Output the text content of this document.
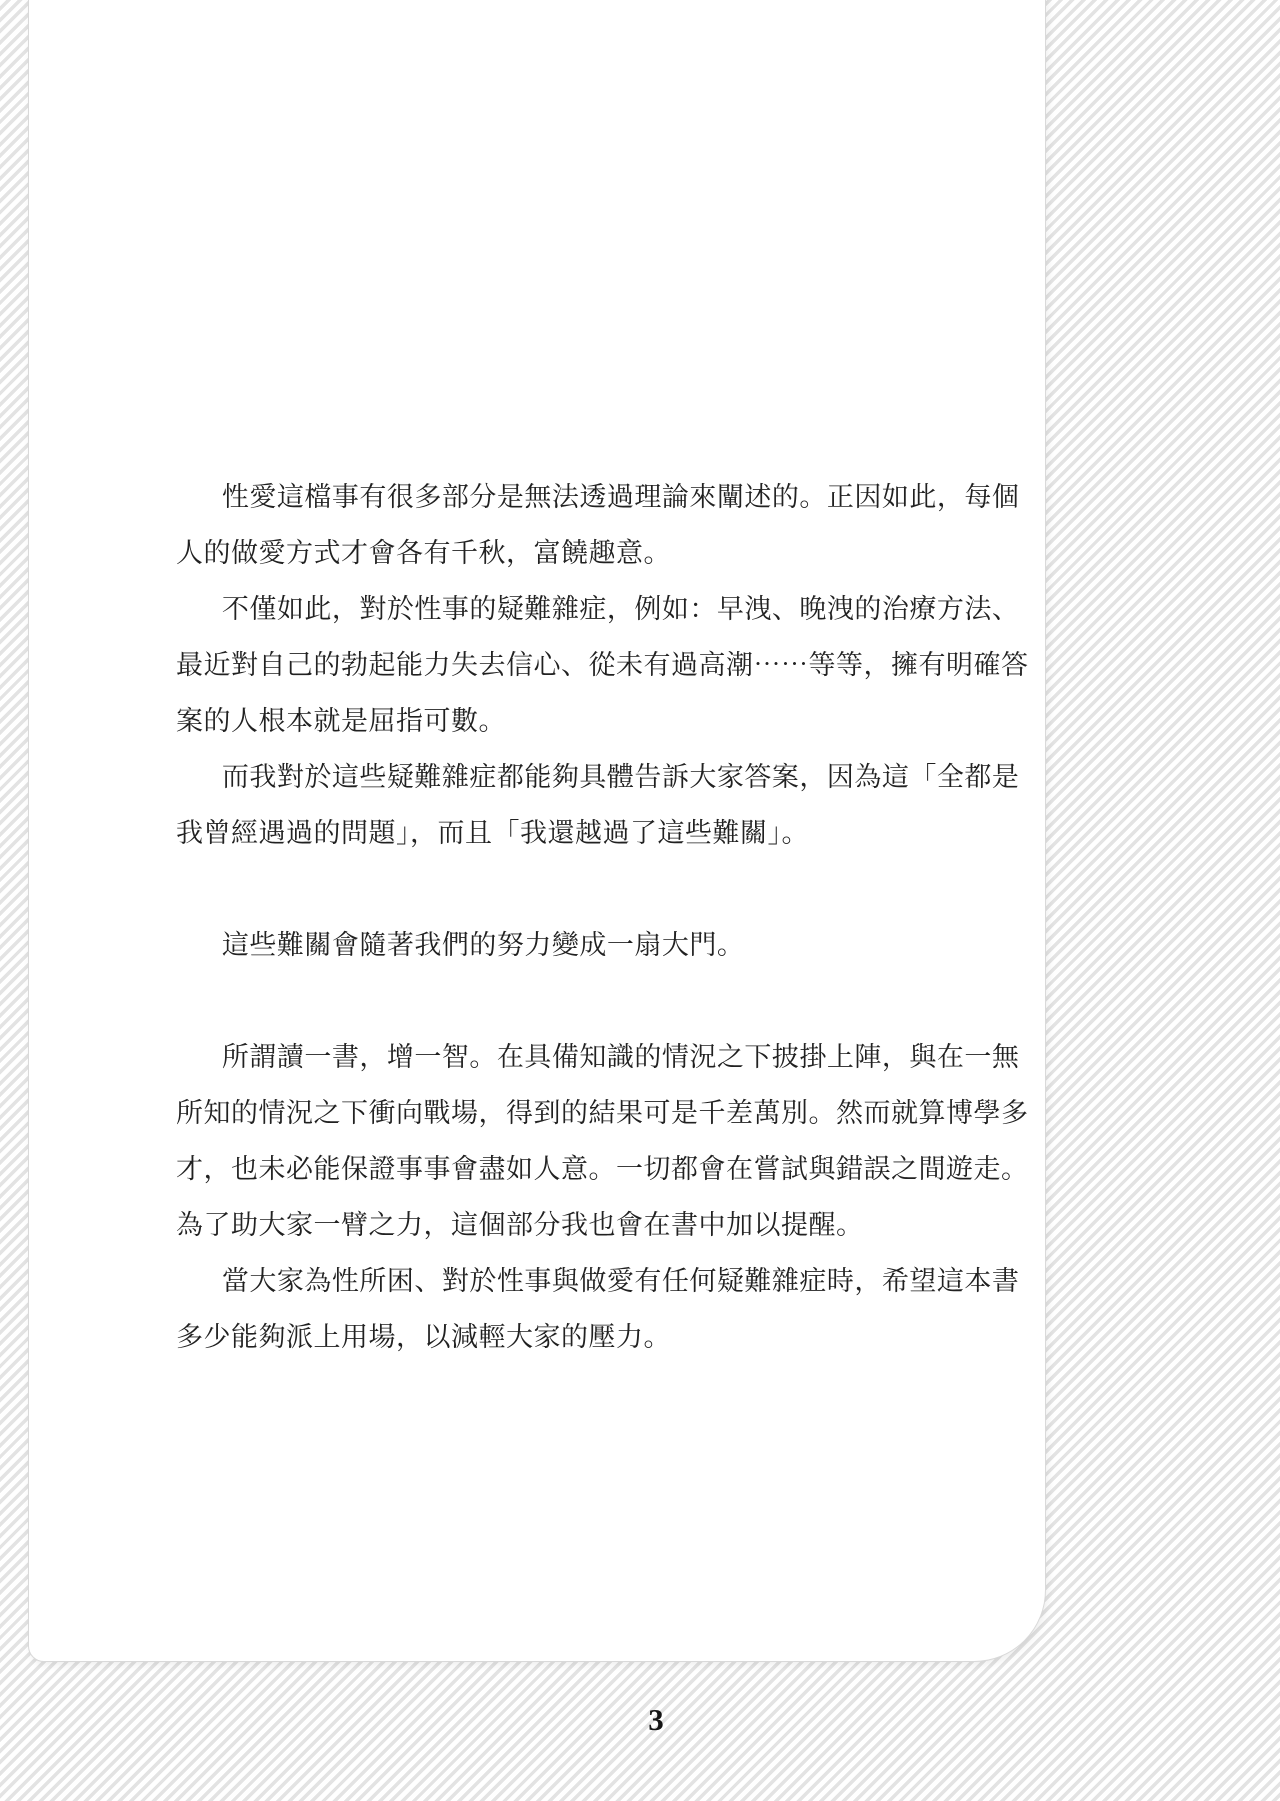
性愛這檔事有很多部分是無法透過理論來闡述的。正因如此，每個
人的做愛方式才會各有千秋，富饒趣意。
不僅如此，對於性事的疑難雜症，例如：早洩、晚洩的治療方法、
最近對自己的勃起能力失去信心、從未有過高潮⋯⋯等等，擁有明確答
案的人根本就是屈指可數。
而我對於這些疑難雜症都能夠具體告訴大家答案，因為這「全都是
我曾經遇過的問題」，而且「我還越過了這些難關」。
這些難關會隨著我們的努力變成一扇大門。
所謂讀一書，增一智。在具備知識的情況之下披掛上陣，與在一無
所知的情況之下衝向戰場，得到的結果可是千差萬別。然而就算博學多
才，也未必能保證事事會盡如人意。一切都會在嘗試與錯誤之間遊走。
為了助大家一臂之力，這個部分我也會在書中加以提醒。
當大家為性所困、對於性事與做愛有任何疑難雜症時，希望這本書
多少能夠派上用場，以減輕大家的壓力。
3
